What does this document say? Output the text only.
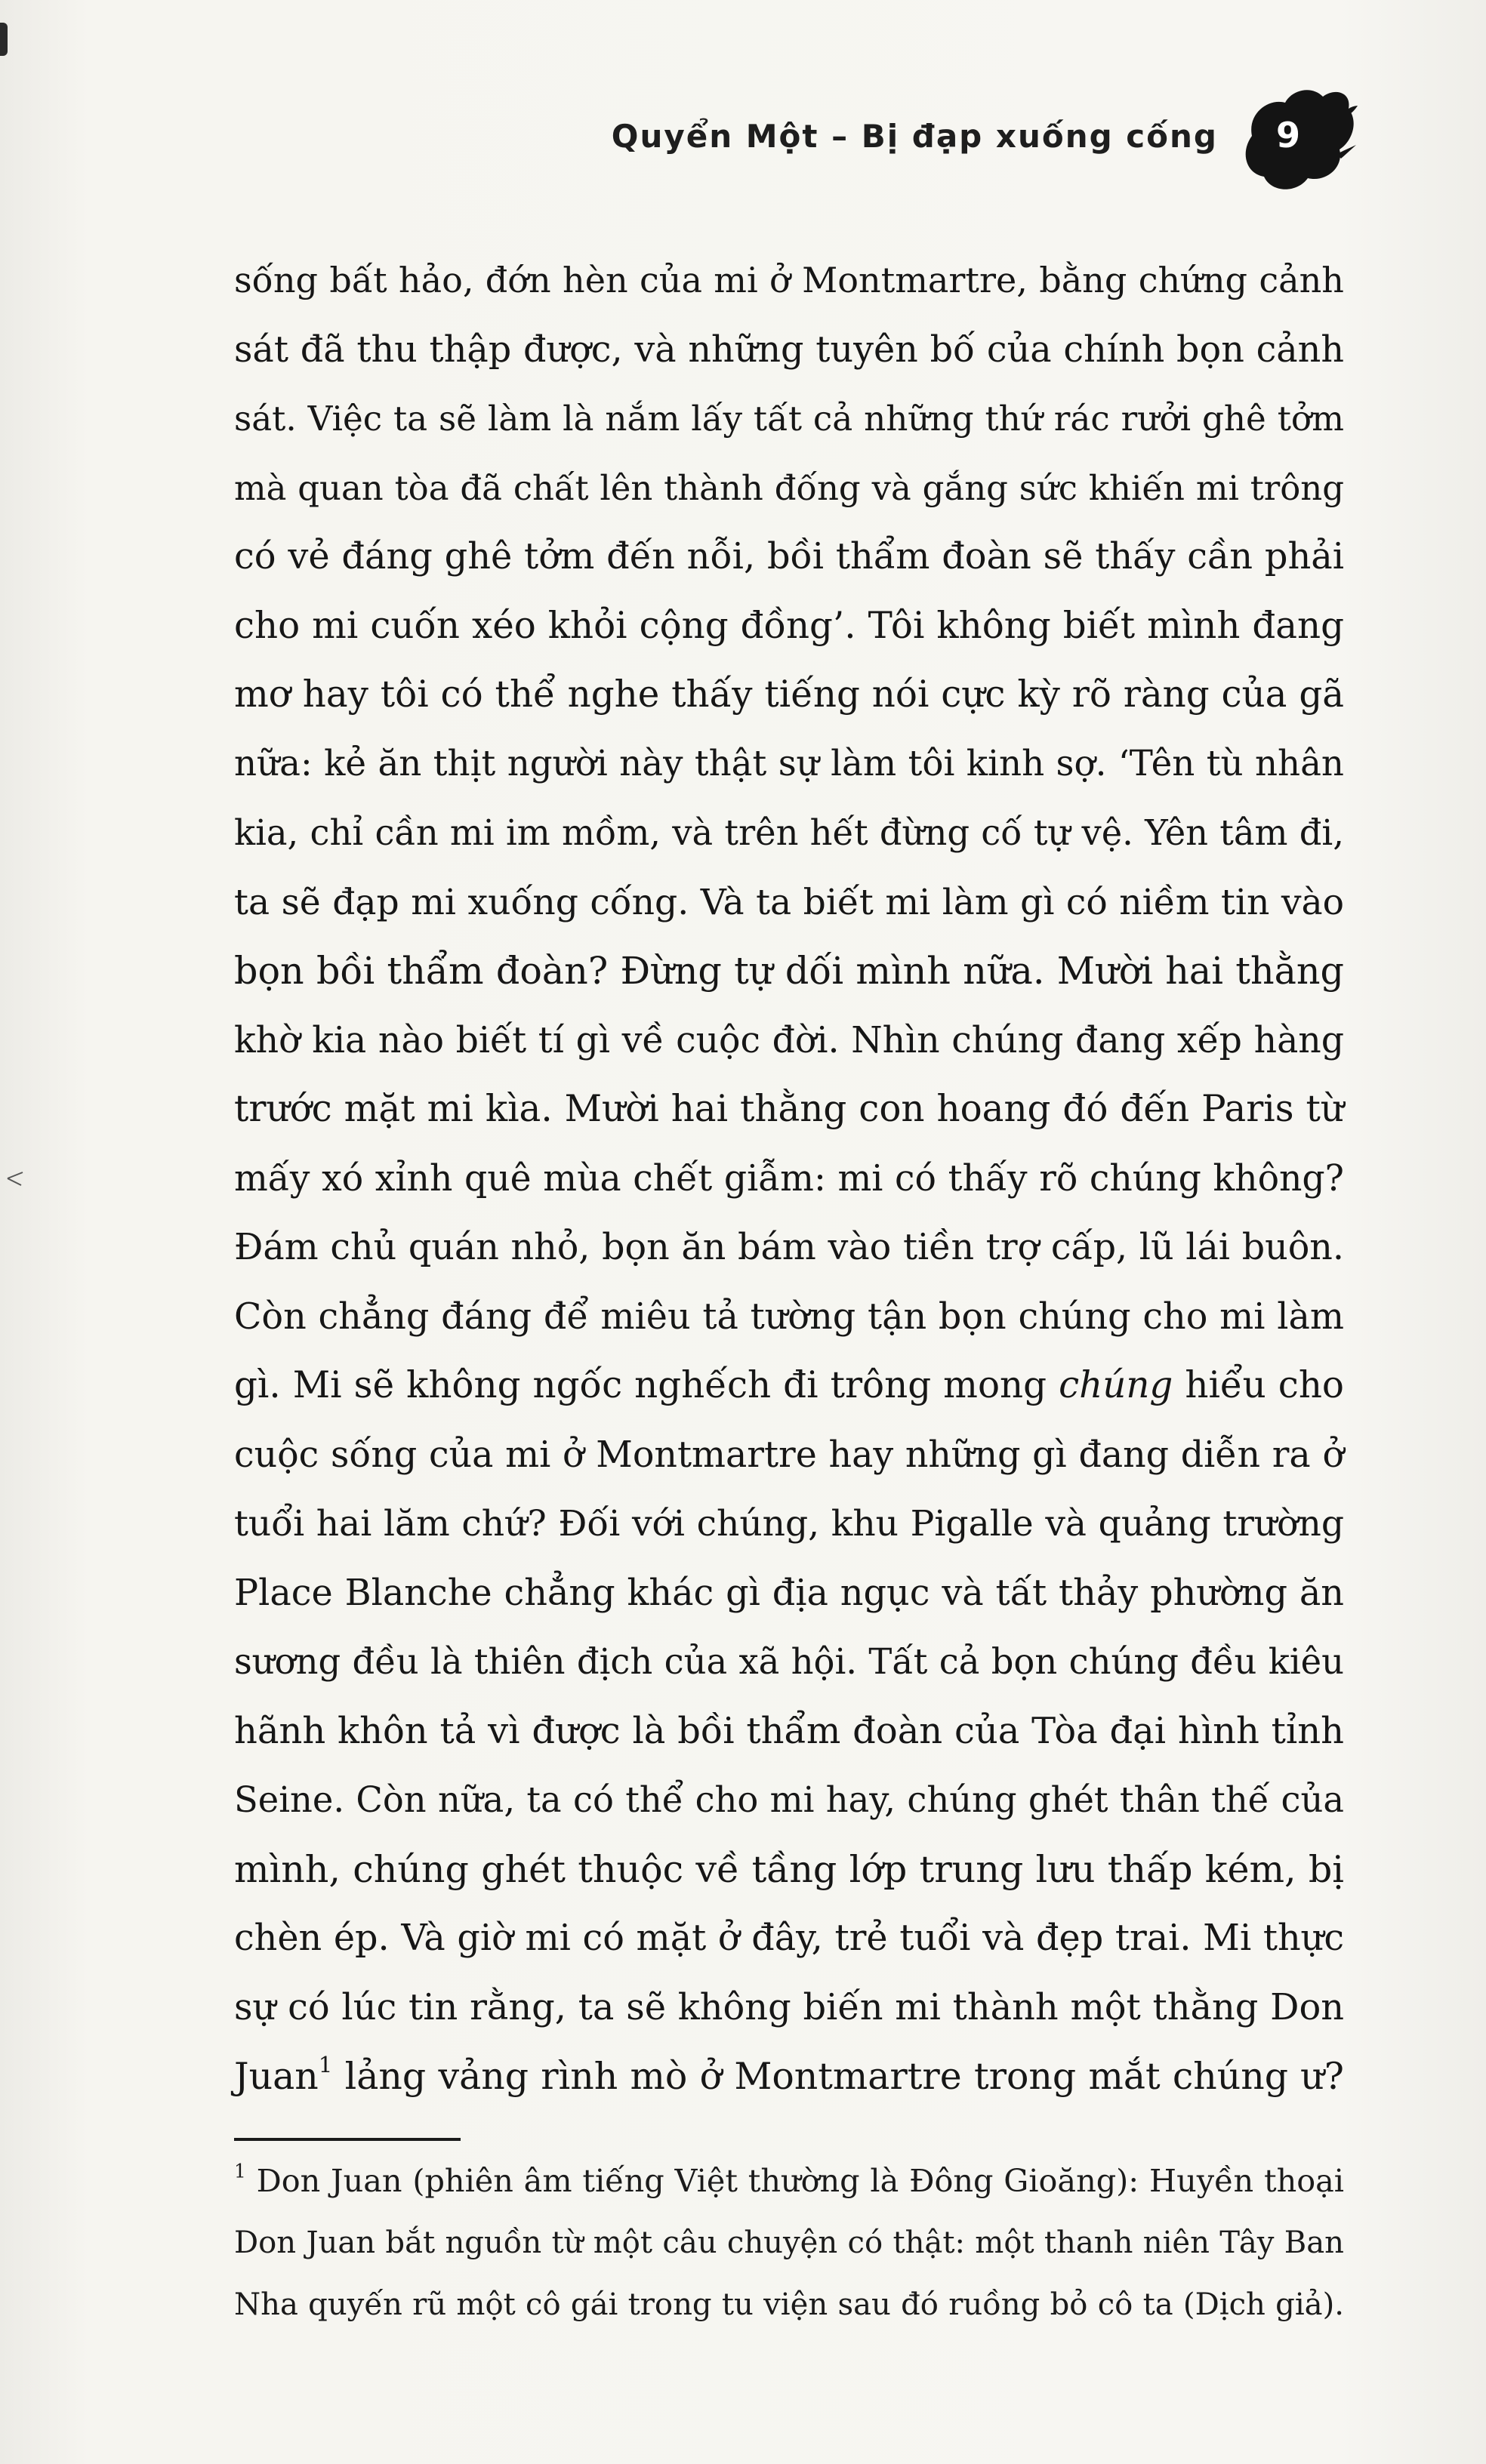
Quyển Một – Bị đạp xuống cống 9
sống bất hảo, đớn hèn của mi ở Montmartre, bằng chứng cảnh
sát đã thu thập được, và những tuyên bố của chính bọn cảnh
sát. Việc ta sẽ làm là nắm lấy tất cả những thứ rác rưởi ghê tởm
mà quan tòa đã chất lên thành đống và gắng sức khiến mi trông
có vẻ đáng ghê tởm đến nỗi, bồi thẩm đoàn sẽ thấy cần phải
cho mi cuốn xéo khỏi cộng đồng’. Tôi không biết mình đang
mơ hay tôi có thể nghe thấy tiếng nói cực kỳ rõ ràng của gã
nữa: kẻ ăn thịt người này thật sự làm tôi kinh sợ. ‘Tên tù nhân
kia, chỉ cần mi im mồm, và trên hết đừng cố tự vệ. Yên tâm đi,
ta sẽ đạp mi xuống cống. Và ta biết mi làm gì có niềm tin vào
bọn bồi thẩm đoàn? Đừng tự dối mình nữa. Mười hai thằng
khờ kia nào biết tí gì về cuộc đời. Nhìn chúng đang xếp hàng
trước mặt mi kìa. Mười hai thằng con hoang đó đến Paris từ
mấy xó xỉnh quê mùa chết giẫm: mi có thấy rõ chúng không?
Đám chủ quán nhỏ, bọn ăn bám vào tiền trợ cấp, lũ lái buôn.
Còn chẳng đáng để miêu tả tường tận bọn chúng cho mi làm
gì. Mi sẽ không ngốc nghếch đi trông mong chúng hiểu cho
cuộc sống của mi ở Montmartre hay những gì đang diễn ra ở
tuổi hai lăm chứ? Đối với chúng, khu Pigalle và quảng trường
Place Blanche chẳng khác gì địa ngục và tất thảy phường ăn
sương đều là thiên địch của xã hội. Tất cả bọn chúng đều kiêu
hãnh khôn tả vì được là bồi thẩm đoàn của Tòa đại hình tỉnh
Seine. Còn nữa, ta có thể cho mi hay, chúng ghét thân thế của
mình, chúng ghét thuộc về tầng lớp trung lưu thấp kém, bị
chèn ép. Và giờ mi có mặt ở đây, trẻ tuổi và đẹp trai. Mi thực
sự có lúc tin rằng, ta sẽ không biến mi thành một thằng Don
Juan$^1$ lảng vảng rình mò ở Montmartre trong mắt chúng ư?
$^1$ Don Juan (phiên âm tiếng Việt thường là Đông Gioăng): Huyền thoại
Don Juan bắt nguồn từ một câu chuyện có thật: một thanh niên Tây Ban
Nha quyến rũ một cô gái trong tu viện sau đó ruồng bỏ cô ta (Dịch giả).
